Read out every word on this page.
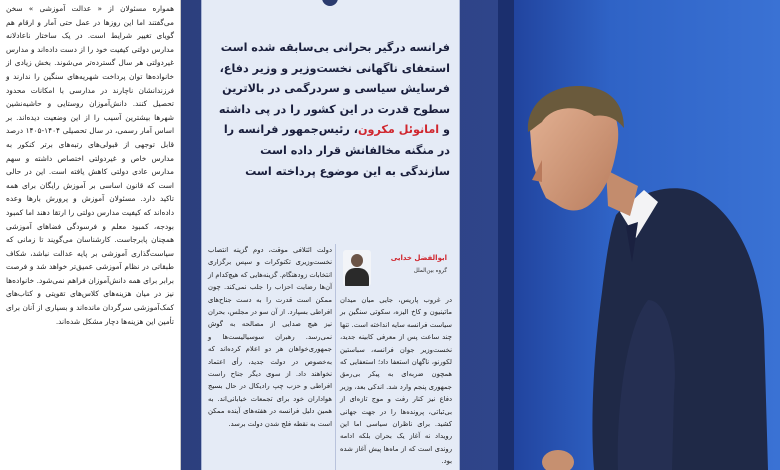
همواره مسئولان از « عدالت آموزشی » سخن می‌گفتند اما این روزها در عمل حتی آمار و ارقام هم گویای تغییر شرایط است. در یک ساختار ناعادلانه مدارس دولتی کیفیت خود را از دست داده‌اند و مدارس غیردولتی هر سال گسترده‌تر می‌شوند. بخش زیادی از خانواده‌ها توان پرداخت شهریه‌های سنگین را ندارند و فرزندانشان ناچارند در مدارسی با امکانات محدود تحصیل کنند. دانش‌آموزان روستایی و حاشیه‌نشین شهرها بیشترین آسیب را از این وضعیت دیده‌اند. بر اساس آمار رسمی، در سال تحصیلی ۱۴۰۴-۱۴۰۵ درصد قابل توجهی از قبولی‌های رتبه‌های برتر کنکور به مدارس خاص و غیردولتی اختصاص داشته و سهم مدارس عادی دولتی کاهش یافته است. این در حالی است که قانون اساسی بر آموزش رایگان برای همه تاکید دارد. مسئولان آموزش و پرورش بارها وعده داده‌اند که کیفیت مدارس دولتی را ارتقا دهند اما کمبود بودجه، کمبود معلم و فرسودگی فضاهای آموزشی همچنان پابرجاست. کارشناسان می‌گویند تا زمانی که سیاست‌گذاری آموزشی بر پایه عدالت نباشد، شکاف طبقاتی در نظام آموزشی عمیق‌تر خواهد شد و فرصت برابر برای همه دانش‌آموزان فراهم نمی‌شود. خانواده‌ها نیز در میان هزینه‌های کلاس‌های تقویتی و کتاب‌های کمک‌آموزشی سرگردان مانده‌اند و بسیاری از آنان برای تأمین این هزینه‌ها دچار مشکل شده‌اند.
فرانسه درگیر بحرانی بی‌سابقه شده است استعفای ناگهانی نخست‌وزیر و وزیر دفاع، فرسایش سیاسی و سردرگمی در بالاترین سطوح قدرت در این کشور را در پی داشته و امانوئل مکرون، رئیس‌جمهور فرانسه را در منگنه مخالفانش قرار داده است سازندگی به این موضوع پرداخته است
ابوالفضل خدایی
گروه بین‌الملل
در غروب پاریس، جایی میان میدان ماتینیون و کاخ الیزه، سکوتی سنگین بر سیاست فرانسه سایه انداخته است. تنها چند ساعت پس از معرفی کابینه جدید، نخست‌وزیر جوان فرانسه، سباستین لکورنو، ناگهان استعفا داد؛ استعفایی که همچون ضربه‌ای به پیکر بی‌رمق جمهوری پنجم وارد شد. اندکی بعد، وزیر دفاع نیز کنار رفت و موج تازه‌ای از بی‌ثباتی، پرونده‌ها را در جهت جهانی کشید. برای ناظران سیاسی اما این رویداد نه آغاز یک بحران بلکه ادامه روندی است که از ماه‌ها پیش آغاز شده بود.
دولت ائتلافی موقت، دوم گزینه انتصاب نخست‌وزیری تکنوکرات و سپس برگزاری انتخابات زودهنگام. گزینه‌هایی که هیچ‌کدام از آن‌ها رضایت احزاب را جلب نمی‌کند. چون ممکن است قدرت را به دست جناح‌های افراطی بسپارد. از آن سو در مجلس، بحران نیز هیچ صدایی از مصالحه به گوش نمی‌رسد. رهبران سوسیالیست‌ها و جمهوری‌خواهان هر دو اعلام کرده‌اند که به‌خصوص در دولت جدید، رأی اعتماد نخواهند داد. از سوی دیگر جناح راست افراطی و حزب چپ رادیکال در حال بسیج هواداران خود برای تجمعات خیابانی‌اند. به همین دلیل فرانسه در هفته‌های آینده ممکن است به نقطه فلج شدن دولت برسد.
